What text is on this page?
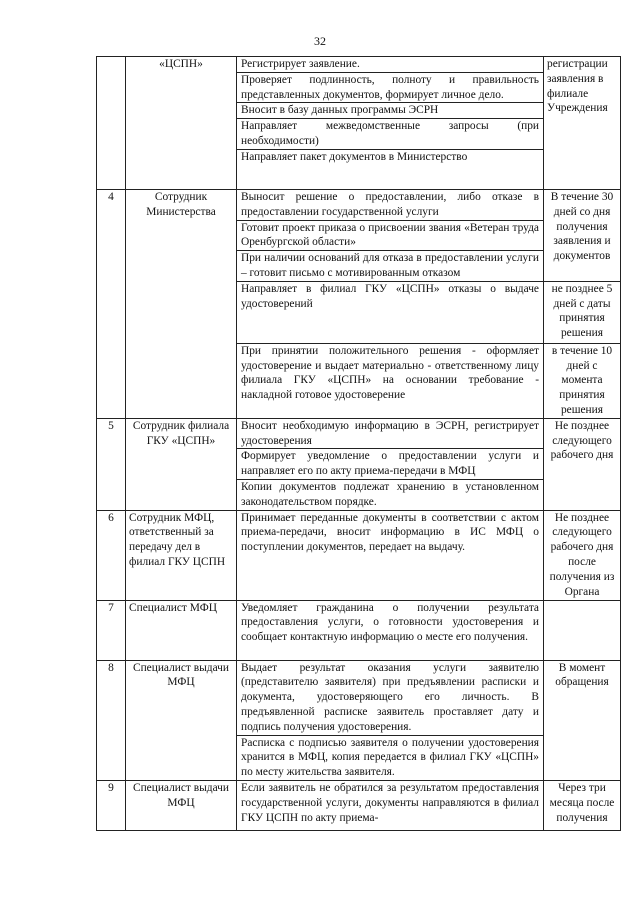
32
	«ЦСПН»	Регистрирует заявление.
Проверяет подлинность, полноту и правильность представленных документов, формирует личное дело.
Вносит в базу данных программы ЭСРН
Направляет межведомственные запросы (при необходимости)
Направляет пакет документов в Министерство	регистрации заявления в филиале Учреждения
4	Сотрудник Министерства	Выносит решение о предоставлении, либо отказе в предоставлении государственной услуги
Готовит проект приказа о присвоении звания «Ветеран труда Оренбургской области»
При наличии оснований для отказа в предоставлении услуги – готовит письмо с мотивированным отказом	В течение 30 дней со дня получения заявления и документов

		Направляет в филиал ГКУ «ЦСПН» отказы о выдаче удостоверений	не позднее 5 дней с даты принятия решения

		При принятии положительного решения - оформляет удостоверение и выдает материально - ответственному лицу филиала ГКУ «ЦСПН» на основании требование - накладной готовое удостоверение	в течение 10 дней с момента принятия решения
5	Сотрудник филиала ГКУ «ЦСПН»	Вносит необходимую информацию в ЭСРН, регистрирует удостоверения
Формирует уведомление о предоставлении услуги и направляет его по акту приема-передачи в МФЦ
Копии документов подлежат хранению в установленном законодательством порядке.	Не позднее следующего рабочего дня
6	Сотрудник МФЦ, ответственный за передачу дел в филиал ГКУ ЦСПН	Принимает переданные документы в соответствии с актом приема-передачи, вносит информацию в ИС МФЦ о поступлении документов, передает на выдачу.	Не позднее следующего рабочего дня после получения из Органа
7	Специалист МФЦ	Уведомляет гражданина о получении результата предоставления услуги, о готовности удостоверения и сообщает контактную информацию о месте его получения.	

8	Специалист выдачи МФЦ	Выдает результат оказания услуги заявителю (представителю заявителя) при предъявлении расписки и документа, удостоверяющего его личность. В предъявленной расписке заявитель проставляет дату и подпись получения удостоверения.
Расписка с подписью заявителя о получении удостоверения хранится в МФЦ, копия передается в филиал ГКУ «ЦСПН» по месту жительства заявителя.	В момент обращения
9	Специалист выдачи МФЦ	Если заявитель не обратился за результатом предоставления государственной услуги, документы направляются в филиал ГКУ ЦСПН по акту приема-	Через три месяца после получения
